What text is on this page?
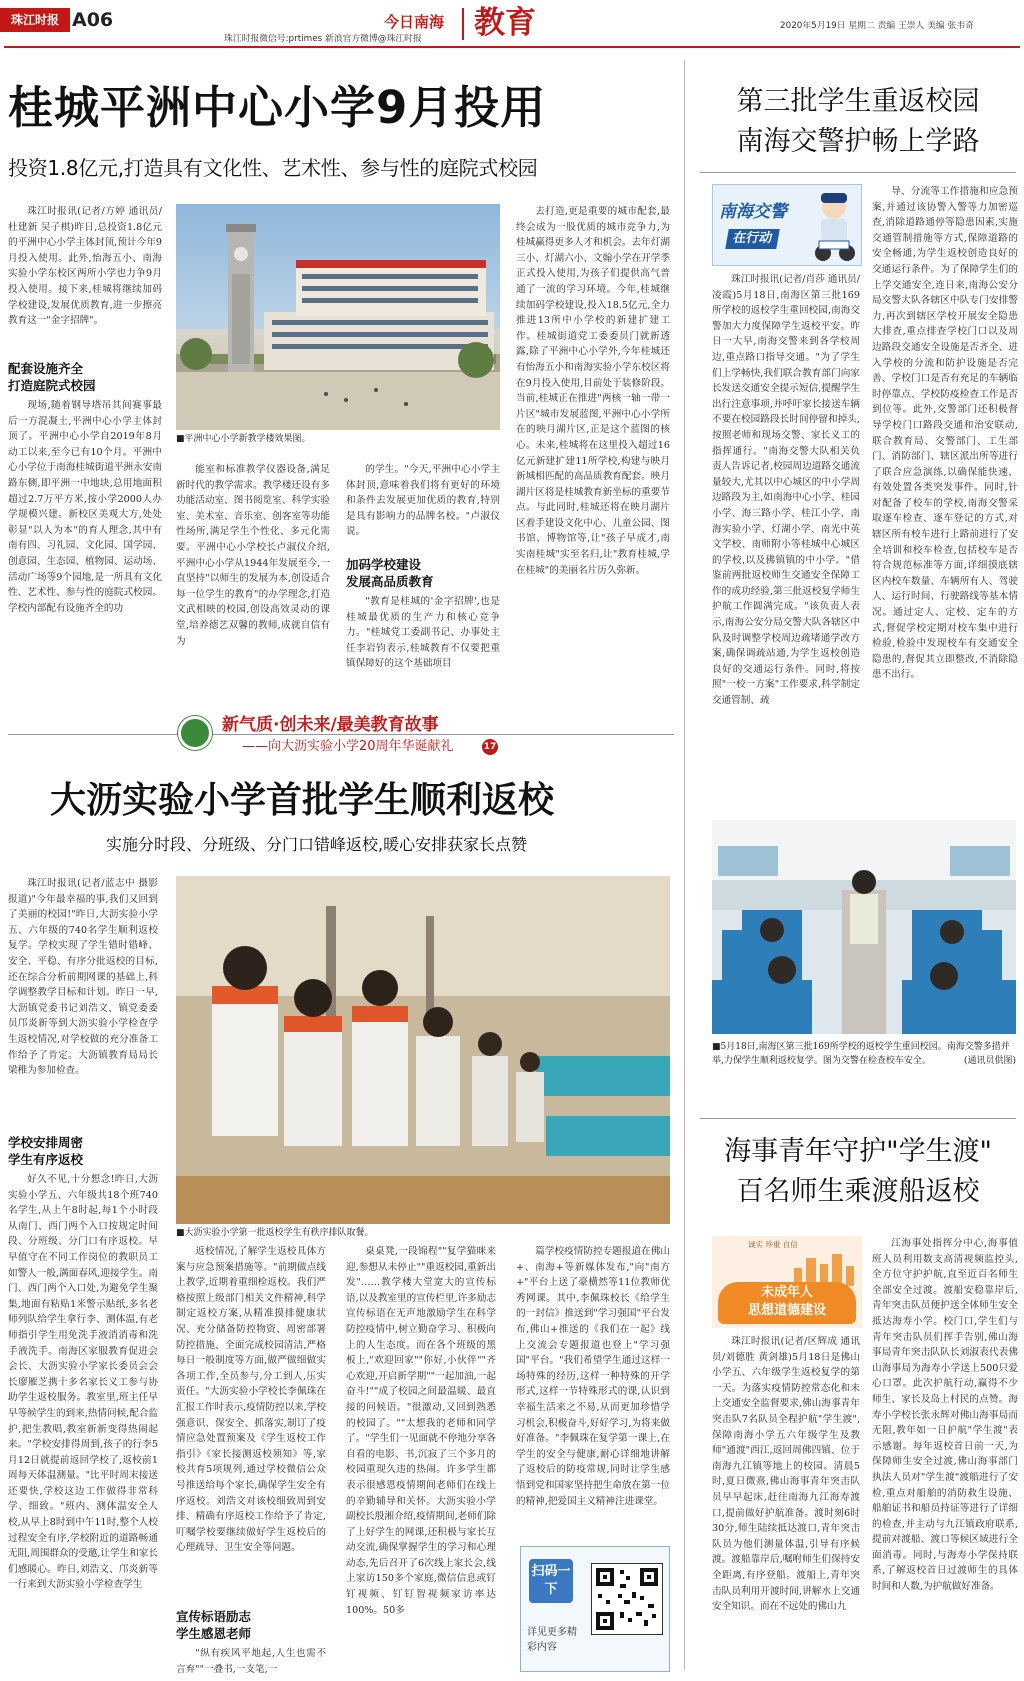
珠江时报 A06	今日南海 教育
珠江时报微信号:prtimes 新浪官方微博@珠江时报
2020年5月19日 星期二 责编 王崇人 美编 张韦奇
桂城平洲中心小学9月投用
投资1.8亿元,打造具有文化性、艺术性、参与性的庭院式校园

珠江时报讯(记者/方婷 通讯员/杜建新 吴子棋)昨日,总投资1.8亿元的平洲中心小学主体封顶,预计今年9月投入使用。此外,怡海五小、南海实验小学东校区两所小学也力争9月投入使用。接下来,桂城将继续加码学校建设,发展优质教育,进一步擦亮教育这一"金字招牌"。

配套设施齐全
打造庭院式校园

现场,随着钢导塔吊其间赛事最后一方混凝土,平洲中心小学主体封顶了。平洲中心小学自2019年8月动工以来,至今已有10个月。平洲中心小学位于南海桂城街道平洲永安南路东侧,即平洲一中地块,总用地面积超过2.7万平方米,按小学2000人办学规模兴建。新校区美观大方,处处彰显"以人为本"的育人理念,其中有南有四、习礼园、文化园、国学园、创意园、生态园、植物园、运动场、活动广场等9个园地,是一所具有文化性、艺术性、参与性的庭院式校园。学校内部配有设施齐全的功

■平洲中心小学新教学楼效果图。

能室和标准教学仪器设备,满足新时代的教学需求。教学楼还设有多功能活动室、图书阅览室、科学实验室、美术室、音乐室、创客室等功能性场所,满足学生个性化、多元化需要。平洲中心小学校长卢淑仪介绍,平洲中心小学从1944年发展至今,一直坚持"以师生的发展为本,创设适合每一位学生的教育"的办学理念,打造文武相映的校园,创设高效灵动的课堂,培养德艺双馨的教师,成就自信有为

的学生。"今天,平洲中心小学主体封顶,意味着我们将有更好的环境和条件去发展更加优质的教育,特别是具有影响力的品牌名校。"卢淑仪说。

加码学校建设
发展高品质教育

"教育是桂城的'金字招牌',也是桂城最优质的生产力和核心竞争力。"桂城党工委副书记、办事处主任李岩钧表示,桂城教育不仅要把重镇保障好的这个基础项目

去打造,更是重要的城市配套,最终会成为一股优质的城市竞争力,为桂城赢得更多人才和机会。去年灯湖三小、灯湖六小、文翰小学在开学季正式投入使用,为孩子们提供高气普通了一流的学习环境。今年,桂城继续加码学校建设,投入18.5亿元,全力推进13所中小学校的新建扩建工作。桂城街道党工委委员门就新透露,除了平洲中心小学外,今年桂城还有怡海五小和南海实验小学东校区将在9月投入使用,目前处于装修阶段。当前,桂城正在推进"两核一轴一带一片区"城市发展蓝图,平洲中心小学所在的映月湖片区,正是这个蓝图的核心。未来,桂城将在这里投入超过16亿元新建扩建11所学校,构建与映月新城相匹配的高品质教育配套。映月湖片区将是桂城教育新坐标的重要节点。与此同时,桂城还将在映月湖片区着手建设文化中心、儿童公园、图书馆、博物馆等,让"孩子早成才,南实南桂城"实至名归,让"教育桂城,学在桂城"的美丽名片历久弥新。

新气质·创未来/最美教育故事
——向大沥实验小学20周年华诞献礼	17
大沥实验小学首批学生顺利返校
实施分时段、分班级、分门口错峰返校,暖心安排获家长点赞

珠江时报讯(记者/蓝志中 摄影报道)"今年最幸福的事,我们又回到了美丽的校园!"昨日,大沥实验小学五、六年级的740名学生顺利返校复学。学校实现了学生错时错峰、安全、平稳、有序分批返校的目标,还在综合分析前期网课的基础上,科学调整教学目标和计划。昨日一早,大沥镇党委书记刘浩文、镇党委委员邝炎新等到大沥实验小学检查学生返校情况,对学校做的充分准备工作给予了肯定。大沥镇教育局局长梁稚为参加检查。

学校安排周密
学生有序返校

好久不见,十分想念!昨日,大沥实验小学五、六年级共18个班740名学生,从上午8时起,每1个小时段从南门、西门两个入口按规定时间段、分班级、分门口有序返校。早早值守在不同工作岗位的教职员工如警人一般,满面春风,迎接学生。南门、西门两个入口处,为避免学生聚集,地面有粘贴1米警示贴纸,多名老师列队给学生拿行李、测体温,有老师指引学生用免洗手液消消毒和洗手液洗手。南海区家服教育促进会会长、大沥实验小学家长委员会会长廖雁芝携十多名家长义工参与协助学生返校服务。教室里,班主任早早等候学生的到来,热情问候,配合监护,把生教唱,教室新新变得热闹起来。"学校安排得周到,孩子的行李5月12日就提前返回学校了,返校前1周每天体温测量。"比平时周末接送还要快,学校这边工作做得非常科学、细致。"班内、测体温安全人校,从早上8时到中午11时,整个人校过程安全有序,学校附近的道路畅通无阻,周围群众的受邀,让学生和家长们感暖心。昨日,刘浩文、邝炎新等一行来到大沥实验小学检查学生

■大沥实验小学第一批返校学生有秩序排队取餐。

返校情况,了解学生返校具体方案与应急预案措施等。"前期做点线上教学,近期着重细检返校。我们严格按照上级部门相关文件精神,科学制定返校方案,从精准摸排健康状况、充分储备防控物资、周密部署防控措施、全面完成校园清洁,严格每日一般制度等方面,做严做细做实各项工作,全员参与,分工到人,压实责任。"大沥实验小学校长李佩珠在汇报工作时表示,疫情防控以来,学校强意识、保安全、抓落实,制订了疫情应急处置预案及《学生返校工作指引》《家长接测返校须知》等,家校共育5项规列,通过学校微信公众号推送给每个家长,确保学生安全有序返校。刘浩文对该校细致周到安排、精确有序返校工作给予了肯定,叮嘱学校要继续做好学生返校后的心理疏导、卫生安全等问题。

宣传标语励志
学生感恩老师

"纵有疾风平地起,人生也需不言弃""一叠书,一支笔,一

桌桌凳,一段锦程""复学猫咪来迎,参想从未停止""重返校园,重新出发"……教学楼大堂宽大的宣传标语,以及教室里的宣传栏里,许多励志宣传标语在无声地激励学生在科学防控疫情中,树立勤奋学习、积极向上的人生态度。而在各个班级的黑板上,"欢迎回家""你好,小伙伴""齐心欢迎,开启新学期""一起加油,一起奋斗!""成了校园之间最温暖、最直接的问候语。"很激动,又回到熟悉的校园了。""太想我的老师和同学了。"学生们一见面就不停地分享各自看的电影、书,沉寂了三个多月的校园重现久违的热闹。许多学生都表示很感恩疫情期间老师们在线上的辛勤辅导和关怀。大沥实验小学副校长殷湘介绍,疫情期间,老师们除了上好学生的网课,还积极与家长互动交流,确保掌握学生的学习和心理动态,先后召开了6次线上家长会,线上家访150多个家庭,微信信息或钉钉视频、钉钉智视频家访率达100%。50多

篇学校疫情防控专题报道在佛山+、南海+等新媒体发布,"向"南方+"平台上送了豪横然等11位教师优秀网课。其中,李佩珠校长《给学生的一封信》推送到"学习强国"平台发布,佛山+推送的《我们在一起》线上交流会专题报道也登上"学习强国"平台。"我们希望学生通过这样一场特殊的经历,这样一种特殊的开学形式,这样一节特殊形式的课,认识到幸福生活来之不易,从而更加珍惜学习机会,积极奋斗,好好学习,为将来做好准备。"李佩珠在复学第一课上,在学生的安全与健康,耐心详细地讲解了返校后的防疫常规,同时让学生感悟到党和国家坚持把生命放在第一位的精神,把爱国主义精神注进课堂。

扫码一下
详见更多精彩内容
第三批学生重返校园
南海交警护畅上学路
南海交警
在行动

珠江时报讯(记者/肖莎 通讯员/凌霞)5月18日,南海区第三批169所学校的返校学生重回校园,南海交警加大力度保障学生返校平安。昨日一大早,南海交警来到各学校周边,重点路口指导交通。"为了学生们上学畅快,我们联合教育部门向家长发送交通安全提示短信,提醒学生出行注意事项,并呼吁家长接送车辆不要在校园路段长时间停留和掉头,按照老师和现场交警、家长义工的指挥通行。"南海交警大队相关负责人告诉记者,校园周边道路交通流量较大,尤其以中心城区的中小学周边路段为主,如南海中心小学、桂园小学、海三路小学、桂江小学、南海实验小学、灯湖小学、南光中英文学校、南师附小等桂城中心城区的学校,以及佛镇镇的中小学。"借鉴前两批返校师生交通安全保障工作的成功经验,第三批返校复学师生护航工作圆满完成。"该负责人表示,南海公安分局交警大队各辖区中队及时调整学校周边疏堵通学改方案,确保调疏站通,为学生返校创造良好的交通运行条件。同时,将按照"一校一方案"工作要求,科学制定交通管制、疏

导、分流等工作措施和应急预案,并通过该协警入警等力加密巡查,消除道路通停等隐患因素,实施交通管制措施等方式,保障道路的安全畅通,为学生返校创造良好的交通运行条件。为了保障学生们的上学交通安全,连日来,南海公安分局交警大队各辖区中队专门安排警力,再次到辖区学校开展安全隐患大排查,重点排查学校门口以及周边路段交通安全设施是否齐全、进入学校的分流和防护设施是否完善、学校门口是否有充足的车辆临时停靠点、学校防疫检查工作是否到位等。此外,交警部门还积极督导学校门口路段交通和治安联动,联合教育局、交警部门、工生部门、消防部门、辖区派出所等进行了联合应急演练,以确保能快速、有效处置各类突发事件。同时,针对配备了校车的学校,南海交警采取逐车检查、逐车登记的方式,对辖区所有校车进行上路前进行了安全培训和校车检查,包括校车是否符合规范标准等方面,详细摸底辖区内校车数量、车辆所有人、驾驶人、运行时间、行驶路线等基本情况。通过定人、定校、定车的方式,督促学校定期对校车集中进行检验,检验中发现校车有交通安全隐患的,督促其立即整改,不消除隐患不出行。

■5月18日,南海区第三批169所学校的返校学生重回校园。南海交警多措并举,力保学生顺利返校复学。图为交警在检查校车安全。	(通讯员供图)
海事青年守护"学生渡"
百名师生乘渡船返校
诚实 珍重 自信
未成年人
思想道德建设

珠江时报讯(记者/区辉成 通讯员/刘德胜 黄剑雄)5月18日是佛山小学五、六年级学生返校复学的第一天。为落实疫情防控常态化和未上交通安全监督要求,佛山海事青年突击队7名队员全程护航"学生渡",保障南海小学五六年级学生及教师"通渡"西江,返回周佛四镇、位于南海九江镇等地上的校园。清晨5时,夏日微熹,佛山海事青年突击队员早早起床,赶往南海九江海寿渡口,提前做好护航准备。渡时刻6时30分,师生陆续抵达渡口,青年突击队员为他们测量体温,引导有序候渡。渡船靠岸后,嘱咐师生们保持安全距离,有序登船。渡船上,青年突击队员利用开渡时间,讲解水上交通安全知识。而在不远处的佛山九

江海事处指挥分中心,海事值班人员利用数支高清视频监控头,全方位守护护航,直至近百名师生全部安全过渡。渡船安稳靠岸后,青年突击队员便护送全体师生安全抵达海寿小学。校门口,学生们与青年突击队员们挥手告别,佛山海事局青年突击队队长刘淑表代表佛山海事局为海寿小学送上500只爱心口罩。此次护航行动,赢得不少师生、家长及岛上村民的点赞。海寿小学校长张永辉对佛山海事局而无阻,教年如一日护航"学生渡"表示感谢。每年返校首日前一天,为保障师生安全过渡,佛山海事部门执法人员对"学生渡"渡船进行了安检,重点对船舶的消防救生设施、船舶证书和船员持证等进行了详细的检查,并主动与九江镇政府联系,提前对渡船、渡口等候区域进行全面消毒。同时,与海寿小学保持联系,了解返校首日过渡师生的具体时间和人数,为护航做好准备。
